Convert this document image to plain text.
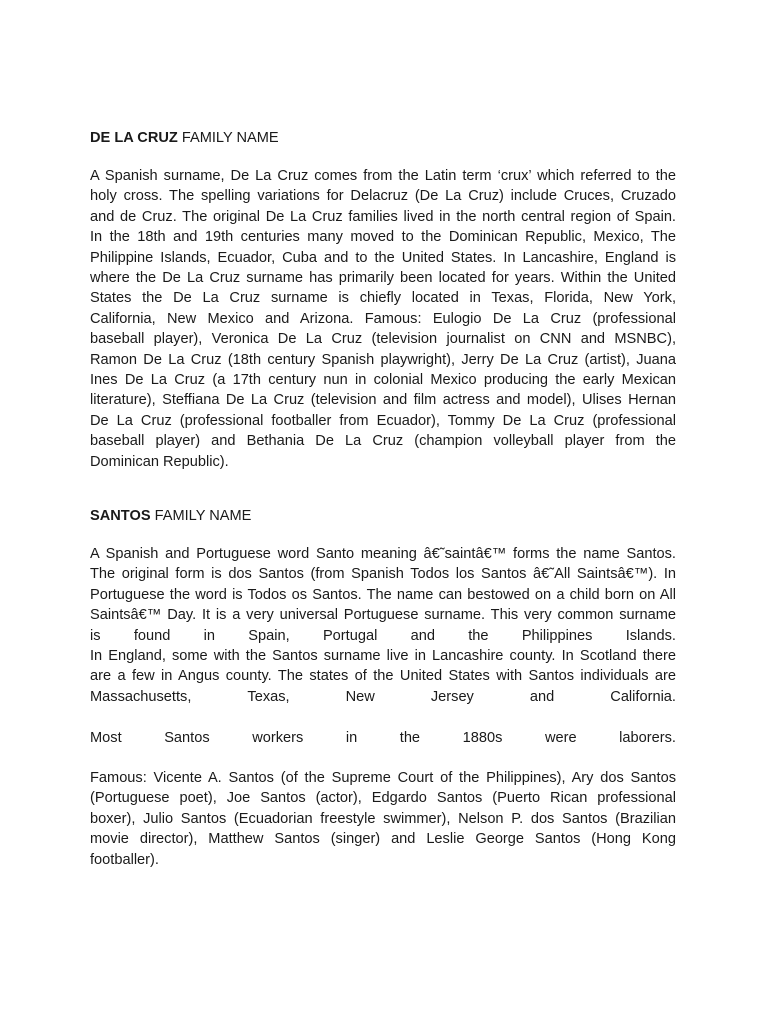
DE LA CRUZ FAMILY NAME
A Spanish surname, De La Cruz comes from the Latin term ‘crux’ which referred to the
holy cross. The spelling variations for Delacruz (De La Cruz) include Cruces, Cruzado
and de Cruz. The original De La Cruz families lived in the north central region of Spain.
In the 18th and 19th centuries many moved to the Dominican Republic, Mexico, The
Philippine Islands, Ecuador, Cuba and to the United States. In Lancashire, England is
where the De La Cruz surname has primarily been located for years. Within the United
States the De La Cruz surname is chiefly located in Texas, Florida, New York,
California, New Mexico and Arizona. Famous: Eulogio De La Cruz (professional
baseball player), Veronica De La Cruz (television journalist on CNN and MSNBC),
Ramon De La Cruz (18th century Spanish playwright), Jerry De La Cruz (artist), Juana
Ines De La Cruz (a 17th century nun in colonial Mexico producing the early Mexican
literature), Steffiana De La Cruz (television and film actress and model), Ulises Hernan
De La Cruz (professional footballer from Ecuador), Tommy De La Cruz (professional
baseball player) and Bethania De La Cruz (champion volleyball player from the
Dominican Republic).
SANTOS FAMILY NAME
A Spanish and Portuguese word Santo meaning â€˜saintâ€™ forms the name Santos.
The original form is dos Santos (from Spanish Todos los Santos â€˜All Saintsâ€™). In
Portuguese the word is Todos os Santos. The name can bestowed on a child born on All
Saintsâ€™ Day. It is a very universal Portuguese surname. This very common surname
is found in Spain, Portugal and the Philippines Islands.
In England, some with the Santos surname live in Lancashire county. In Scotland there
are a few in Angus county. The states of the United States with Santos individuals are
Massachusetts,	Texas,	New	Jersey	and	California.
Most	Santos	workers	in	the	1880s	were	laborers.
Famous: Vicente A. Santos (of the Supreme Court of the Philippines), Ary dos Santos
(Portuguese poet), Joe Santos (actor), Edgardo Santos (Puerto Rican professional
boxer), Julio Santos (Ecuadorian freestyle swimmer), Nelson P. dos Santos (Brazilian
movie director), Matthew Santos (singer) and Leslie George Santos (Hong Kong
footballer).
